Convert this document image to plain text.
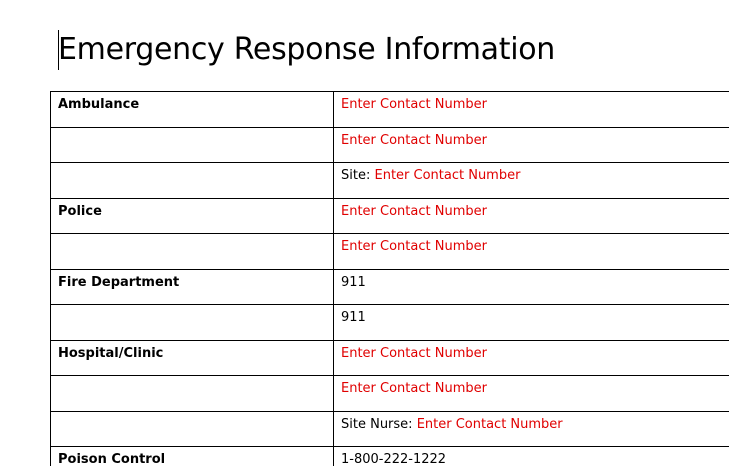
Emergency Response Information
Ambulance	Enter Contact Number
	Enter Contact Number
	Site: Enter Contact Number
Police	Enter Contact Number
	Enter Contact Number
Fire Department	911
	911
Hospital/Clinic	Enter Contact Number
	Enter Contact Number
	Site Nurse: Enter Contact Number
Poison Control	1-800-222-1222
